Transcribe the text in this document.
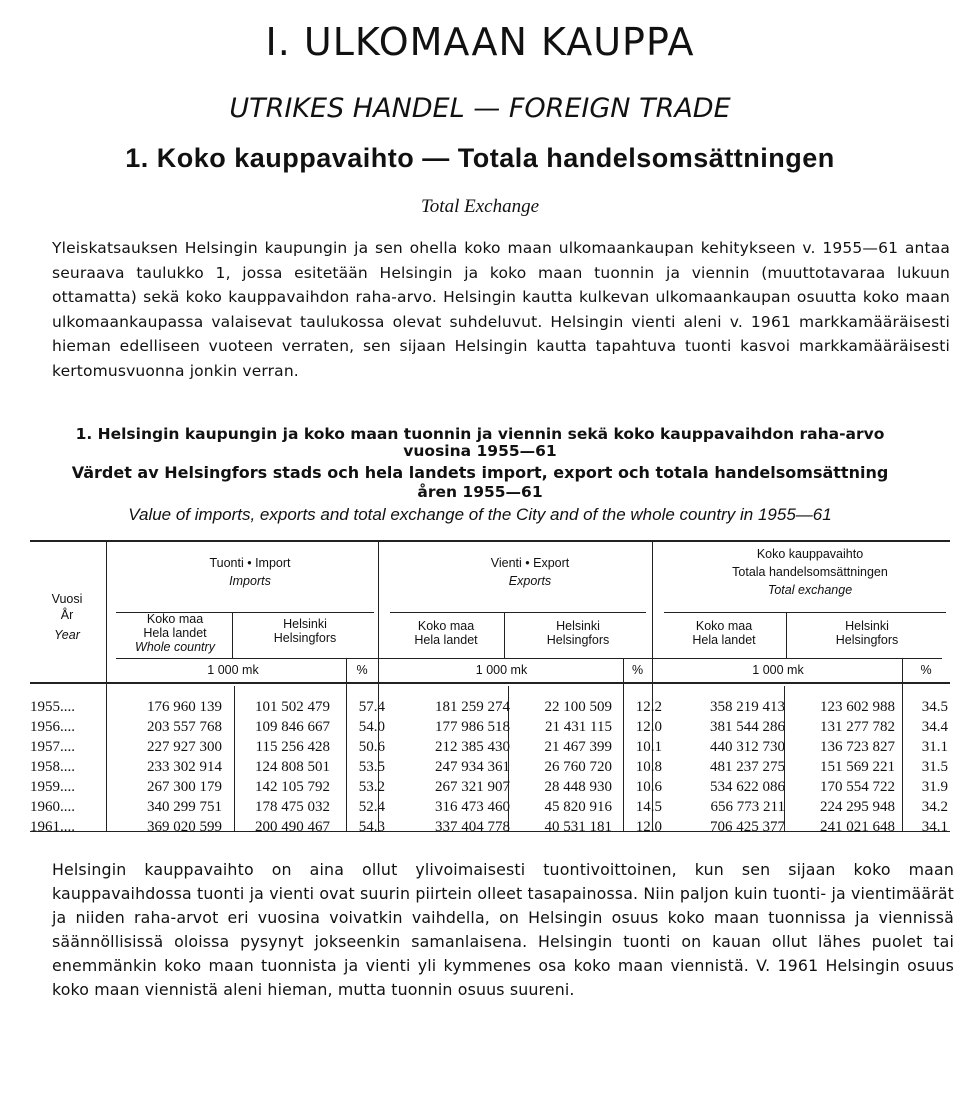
I. ULKOMAAN KAUPPA
UTRIKES HANDEL — FOREIGN TRADE
1. Koko kauppavaihto — Totala handelsomsättningen
Total Exchange
Yleiskatsauksen Helsingin kaupungin ja sen ohella koko maan ulkomaankaupan kehitykseen v. 1955—61 antaa seuraava taulukko 1, jossa esitetään Helsingin ja koko maan tuonnin ja viennin (muuttotavaraa lukuun ottamatta) sekä koko kauppavaihdon raha-arvo. Helsingin kautta kulkevan ulkomaankaupan osuutta koko maan ulkomaankaupassa valaisevat taulukossa olevat suhdeluvut. Helsingin vienti aleni v. 1961 markkamääräisesti hieman edelliseen vuoteen verraten, sen sijaan Helsingin kautta tapahtuva tuonti kasvoi markkamääräisesti kertomusvuonna jonkin verran.
1. Helsingin kaupungin ja koko maan tuonnin ja viennin sekä koko kauppavaihdon raha-arvo
vuosina 1955—61
Värdet av Helsingfors stads och hela landets import, export och totala handelsomsättning
åren 1955—61
Value of imports, exports and total exchange of the City and of the whole country in 1955—61
Vuosi
År
Year
Tuonti • Import
Imports
Vienti • Export
Exports
Koko kauppavaihto
Totala handelsomsättningen
Total exchange
Koko maa
Hela landet
Whole country
Helsinki
Helsingfors
Koko maa
Hela landet
Helsinki
Helsingfors
Koko maa
Hela landet
Helsinki
Helsingfors
1 000 mk	%	1 000 mk	%	1 000 mk	%
1955....	176 960 139	101 502 479	57.4	181 259 274	22 100 509	12.2	358 219 413	123 602 988	34.5
1956....	203 557 768	109 846 667	54.0	177 986 518	21 431 115	12.0	381 544 286	131 277 782	34.4
1957....	227 927 300	115 256 428	50.6	212 385 430	21 467 399	10.1	440 312 730	136 723 827	31.1
1958....	233 302 914	124 808 501	53.5	247 934 361	26 760 720	10.8	481 237 275	151 569 221	31.5
1959....	267 300 179	142 105 792	53.2	267 321 907	28 448 930	10.6	534 622 086	170 554 722	31.9
1960....	340 299 751	178 475 032	52.4	316 473 460	45 820 916	14.5	656 773 211	224 295 948	34.2
1961....	369 020 599	200 490 467	54.3	337 404 778	40 531 181	12.0	706 425 377	241 021 648	34.1
Helsingin kauppavaihto on aina ollut ylivoimaisesti tuontivoittoinen, kun sen sijaan koko maan kauppavaihdossa tuonti ja vienti ovat suurin piirtein olleet tasapainossa. Niin paljon kuin tuonti- ja vientimäärät ja niiden raha-arvot eri vuosina voivatkin vaihdella, on Helsingin osuus koko maan tuonnissa ja viennissä säännöllisissä oloissa pysynyt jokseenkin samanlaisena. Helsingin tuonti on kauan ollut lähes puolet tai enemmänkin koko maan tuonnista ja vienti yli kymmenes osa koko maan viennistä. V. 1961 Helsingin osuus koko maan viennistä aleni hieman, mutta tuonnin osuus suureni.
